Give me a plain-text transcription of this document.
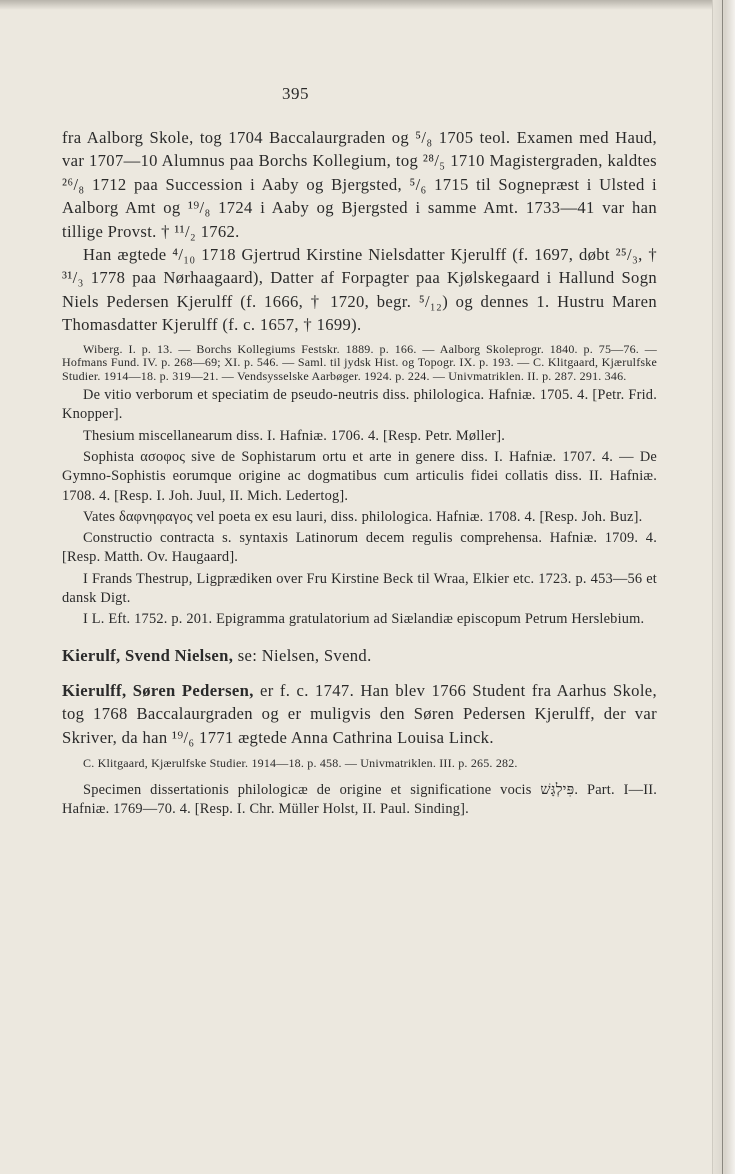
395

fra Aalborg Skole, tog 1704 Baccalaurgraden og ⁵/₈ 1705 teol. Examen med Haud, var 1707—10 Alumnus paa Borchs Kollegium, tog ²⁸/₅ 1710 Magistergraden, kaldtes ²⁶/₈ 1712 paa Succession i Aaby og Bjergsted, ⁵/₆ 1715 til Sognepræst i Ulsted i Aalborg Amt og ¹⁹/₈ 1724 i Aaby og Bjergsted i samme Amt. 1733—41 var han tillige Provst. † ¹¹/₂ 1762.

Han ægtede ⁴/₁₀ 1718 Gjertrud Kirstine Nielsdatter Kjerulff (f. 1697, døbt ²⁵/₃, † ³¹/₃ 1778 paa Nørhaagaard), Datter af Forpagter paa Kjølskegaard i Hallund Sogn Niels Pedersen Kjerulff (f. 1666, † 1720, begr. ⁵/₁₂) og dennes 1. Hustru Maren Thomasdatter Kjerulff (f. c. 1657, † 1699).

Wiberg. I. p. 13. — Borchs Kollegiums Festskr. 1889. p. 166. — Aalborg Skoleprogr. 1840. p. 75—76. — Hofmans Fund. IV. p. 268—69; XI. p. 546. — Saml. til jydsk Hist. og Topogr. IX. p. 193. — C. Klitgaard, Kjærulfske Studier. 1914—18. p. 319—21. — Vendsysselske Aarbøger. 1924. p. 224. — Univmatriklen. II. p. 287. 291. 346.

De vitio verborum et speciatim de pseudo-neutris diss. philologica. Hafniæ. 1705. 4. [Petr. Frid. Knopper].

Thesium miscellanearum diss. I. Hafniæ. 1706. 4. [Resp. Petr. Møller].

Sophista ασοφος sive de Sophistarum ortu et arte in genere diss. I. Hafniæ. 1707. 4. — De Gymno-Sophistis eorumque origine ac dogmatibus cum articulis fidei collatis diss. II. Hafniæ. 1708. 4. [Resp. I. Joh. Juul, II. Mich. Ledertog].

Vates δαφνηφαγος vel poeta ex esu lauri, diss. philologica. Hafniæ. 1708. 4. [Resp. Joh. Buz].

Constructio contracta s. syntaxis Latinorum decem regulis comprehensa. Hafniæ. 1709. 4. [Resp. Matth. Ov. Haugaard].

I Frands Thestrup, Ligprædiken over Fru Kirstine Beck til Wraa, Elkier etc. 1723. p. 453—56 et dansk Digt.

I L. Eft. 1752. p. 201. Epigramma gratulatorium ad Siælandiæ episcopum Petrum Herslebium.

Kierulf, Svend Nielsen, se: Nielsen, Svend.

Kierulff, Søren Pedersen, er f. c. 1747. Han blev 1766 Student fra Aarhus Skole, tog 1768 Baccalaurgraden og er muligvis den Søren Pedersen Kjerulff, der var Skriver, da han ¹⁹/₆ 1771 ægtede Anna Cathrina Louisa Linck.

C. Klitgaard, Kjærulfske Studier. 1914—18. p. 458. — Univmatriklen. III. p. 265. 282.

Specimen dissertationis philologicæ de origine et significatione vocis פִּילְגָּשׁ. Part. I—II. Hafniæ. 1769—70. 4. [Resp. I. Chr. Müller Holst, II. Paul. Sinding].
